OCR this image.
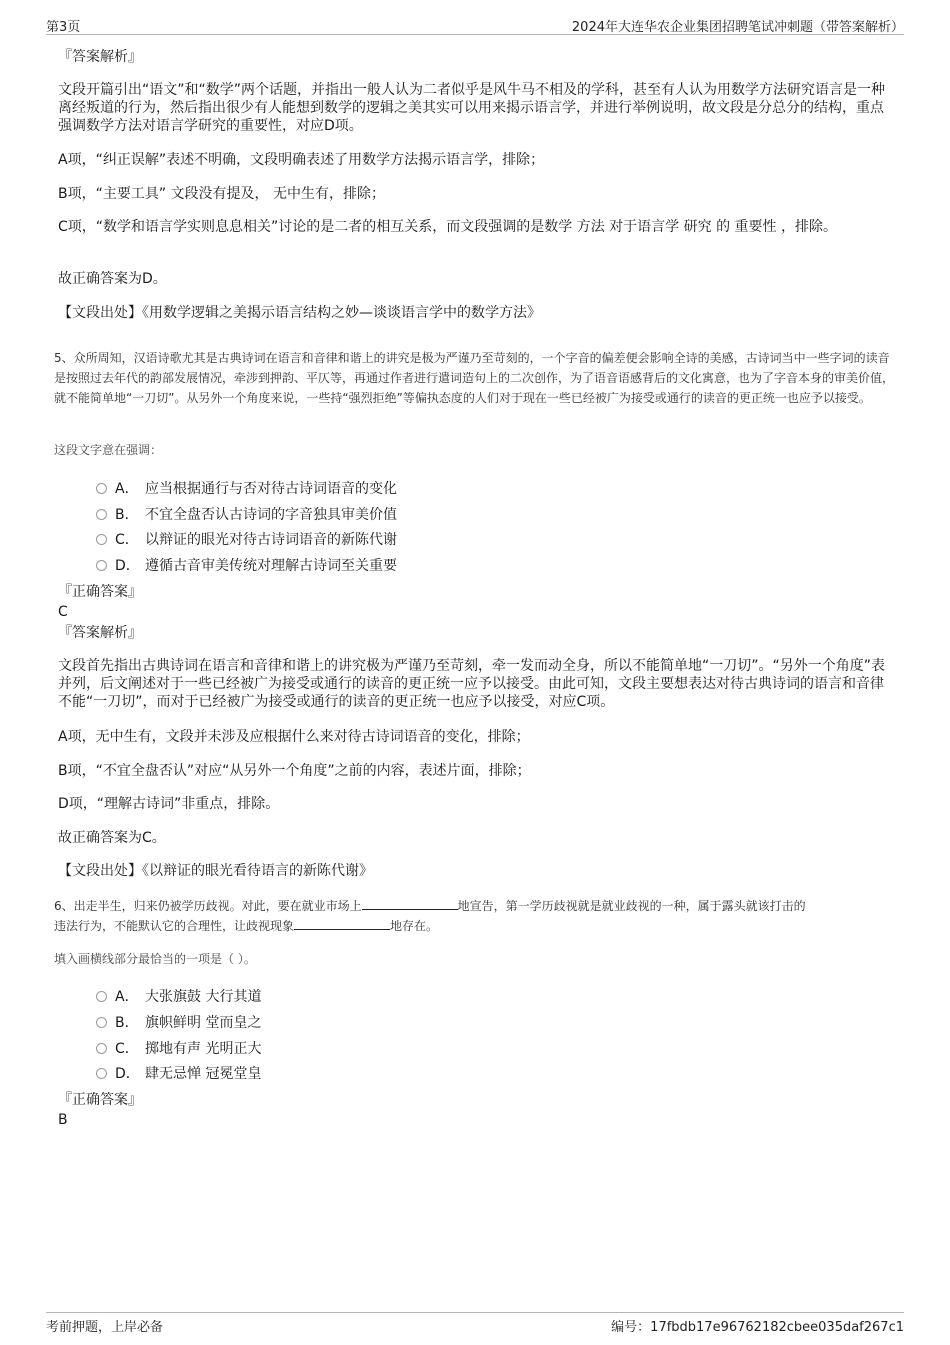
第3页	2024年大连华农企业集团招聘笔试冲刺题（带答案解析）
『答案解析』
文段开篇引出“语文”和“数学”两个话题，并指出一般人认为二者似乎是风牛马不相及的学科，甚至有人认为用数学方法研究语言是一种离经叛道的行为，然后指出很少有人能想到数学的逻辑之美其实可以用来揭示语言学，并进行举例说明，故文段是分总分的结构，重点强调数学方法对语言学研究的重要性，对应D项。
A项，“纠正误解”表述不明确，文段明确表述了用数学方法揭示语言学，排除；
B项，“主要工具” 文段没有提及， 无中生有，排除；
C项，“数学和语言学实则息息相关”讨论的是二者的相互关系，而文段强调的是数学 方法 对于语言学 研究 的 重要性 ，排除。
故正确答案为D。
【文段出处】《用数学逻辑之美揭示语言结构之妙—谈谈语言学中的数学方法》
5、众所周知，汉语诗歌尤其是古典诗词在语言和音律和谐上的讲究是极为严谨乃至苛刻的，一个字音的偏差便会影响全诗的美感，古诗词当中一些字词的读音是按照过去年代的韵部发展情况，牵涉到押韵、平仄等，再通过作者进行遣词造句上的二次创作，为了语音语感背后的文化寓意，也为了字音本身的审美价值，就不能简单地“一刀切”。从另外一个角度来说，一些持“强烈拒绝”等偏执态度的人们对于现在一些已经被广为接受或通行的读音的更正统一也应予以接受。
这段文字意在强调：
A． 应当根据通行与否对待古诗词语音的变化
B． 不宜全盘否认古诗词的字音独具审美价值
C． 以辩证的眼光对待古诗词语音的新陈代谢
D． 遵循古音审美传统对理解古诗词至关重要
『正确答案』
C
『答案解析』
文段首先指出古典诗词在语言和音律和谐上的讲究极为严谨乃至苛刻，牵一发而动全身，所以不能简单地“一刀切”。“另外一个角度”表并列，后文阐述对于一些已经被广为接受或通行的读音的更正统一应予以接受。由此可知，文段主要想表达对待古典诗词的语言和音律不能“一刀切”，而对于已经被广为接受或通行的读音的更正统一也应予以接受，对应C项。
A项，无中生有，文段并未涉及应根据什么来对待古诗词语音的变化，排除；
B项，“不宜全盘否认”对应“从另外一个角度”之前的内容，表述片面，排除；
D项，“理解古诗词”非重点，排除。
故正确答案为C。
【文段出处】《以辩证的眼光看待语言的新陈代谢》
6、出走半生，归来仍被学历歧视。对此，要在就业市场上	地宣告，第一学历歧视就是就业歧视的一种，属于露头就该打击的
违法行为，不能默认它的合理性，让歧视现象	地存在。
填入画横线部分最恰当的一项是（ ）。
A． 大张旗鼓 大行其道
B． 旗帜鲜明 堂而皇之
C． 掷地有声 光明正大
D． 肆无忌惮 冠冕堂皇
『正确答案』
B
考前押题，上岸必备	编号：17fbdb17e96762182cbee035daf267c1
